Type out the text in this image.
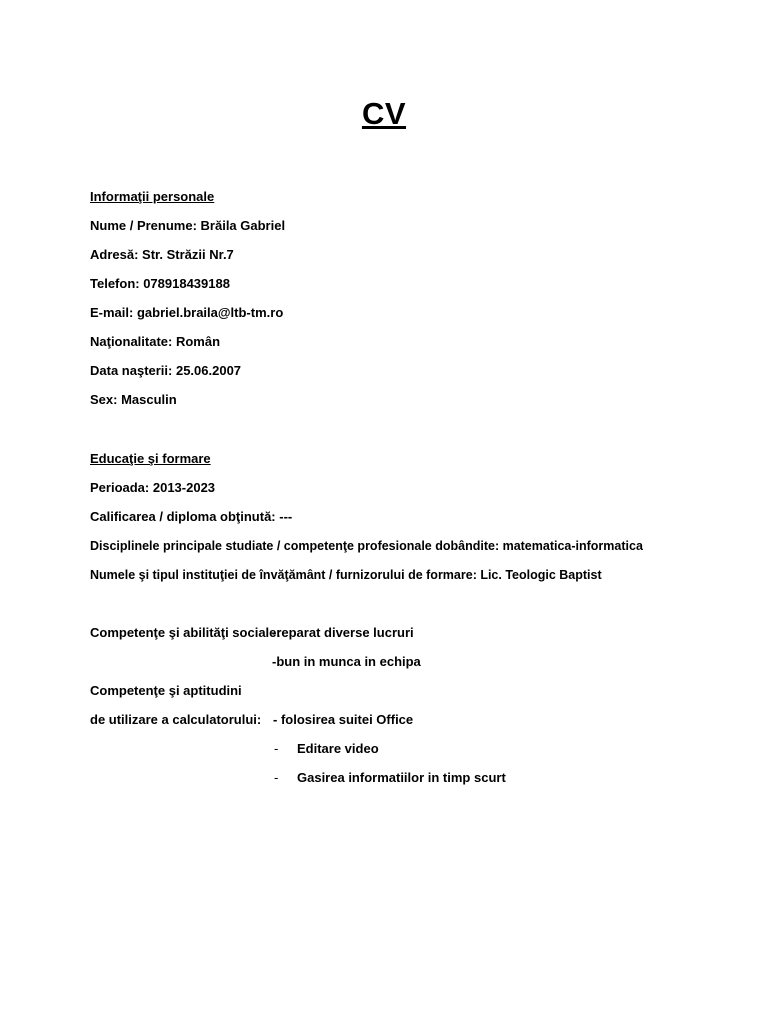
CV
Informaţii personale
Nume / Prenume: Brăila Gabriel
Adresă: Str. Străzii Nr.7
Telefon: 078918439188
E-mail: gabriel.braila@ltb-tm.ro
Naţionalitate: Român
Data naşterii: 25.06.2007
Sex: Masculin
Educaţie şi formare
Perioada: 2013-2023
Calificarea / diploma obţinută: ---
Disciplinele principale studiate / competenţe profesionale dobândite: matematica-informatica
Numele şi tipul instituţiei de învăţământ / furnizorului de formare: Lic. Teologic Baptist
Competenţe şi abilităţi sociale:
-reparat diverse lucruri
-bun in munca in echipa
Competenţe şi aptitudini
de utilizare a calculatorului: - folosirea suitei Office
- Editare video
- Gasirea informatiilor in timp scurt
